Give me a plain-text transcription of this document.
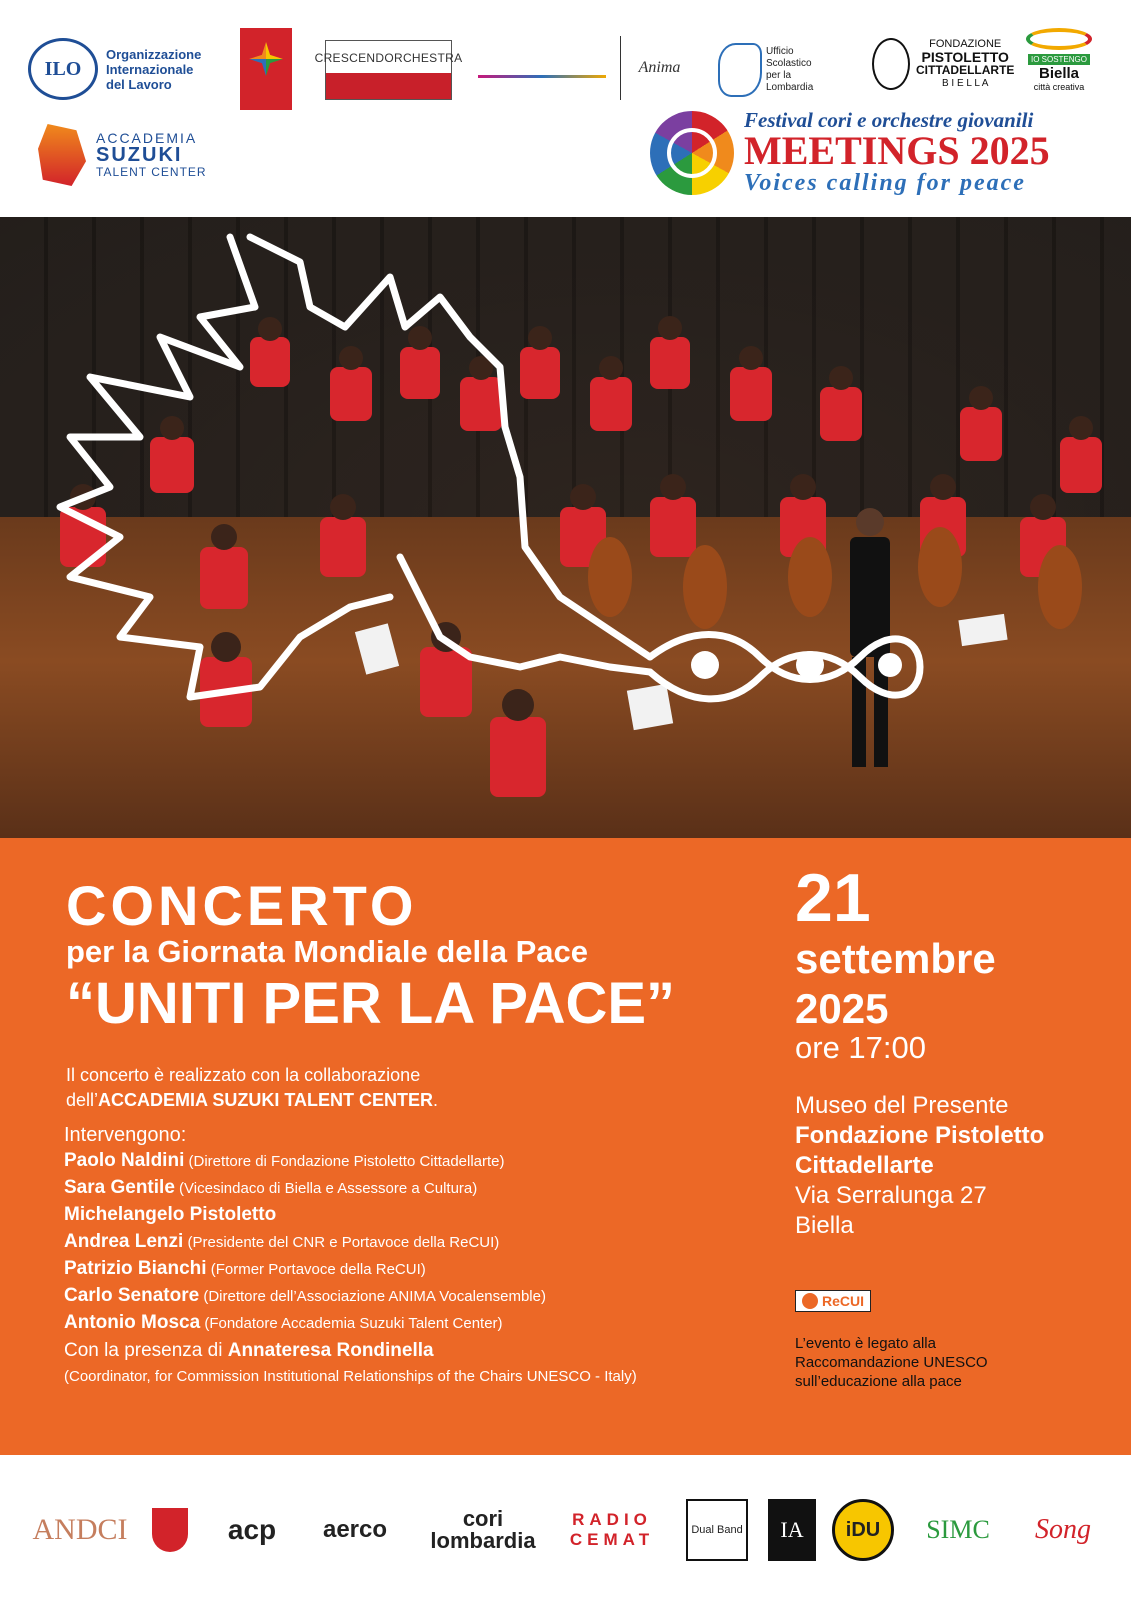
ILO
Organizzazione
Internazionale
del Lavoro
CRESCENDORCHESTRA
Anima
Ufficio
Scolastico
per la
Lombardia
FONDAZIONE
PISTOLETTO
CITTADELLARTE
B I E L L A
IO SOSTENGO
Biella
città creativa
ACCADEMIA
SUZUKI
TALENT CENTER
Festival cori e orchestre giovanili
MEETINGS 2025
Voices calling for peace
CONCERTO
per la Giornata Mondiale della Pace
“UNITI PER LA PACE”
Il concerto è realizzato con la collaborazione
dell’ACCADEMIA SUZUKI TALENT CENTER.
Intervengono:
Paolo Naldini (Direttore di Fondazione Pistoletto Cittadellarte)
Sara Gentile (Vicesindaco di Biella e Assessore a Cultura)
Michelangelo Pistoletto
Andrea Lenzi (Presidente del CNR e Portavoce della ReCUI)
Patrizio Bianchi (Former Portavoce della ReCUI)
Carlo Senatore (Direttore dell’Associazione ANIMA Vocalensemble)
Antonio Mosca (Fondatore Accademia Suzuki Talent Center)
Con la presenza di Annateresa Rondinella
(Coordinator, for Commission Institutional Relationships of the Chairs UNESCO - Italy)
21
settembre
2025
ore 17:00
Museo del Presente
Fondazione Pistoletto
Cittadellarte
Via Serralunga 27
Biella
ReCUI
L’evento è legato alla Raccomandazione UNESCO sull’educazione alla pace
ANDCI	acp	aerco	cori
lombardia
RADIO
CEMAT	Dual Band	IA	iDU	SIMC	Song
